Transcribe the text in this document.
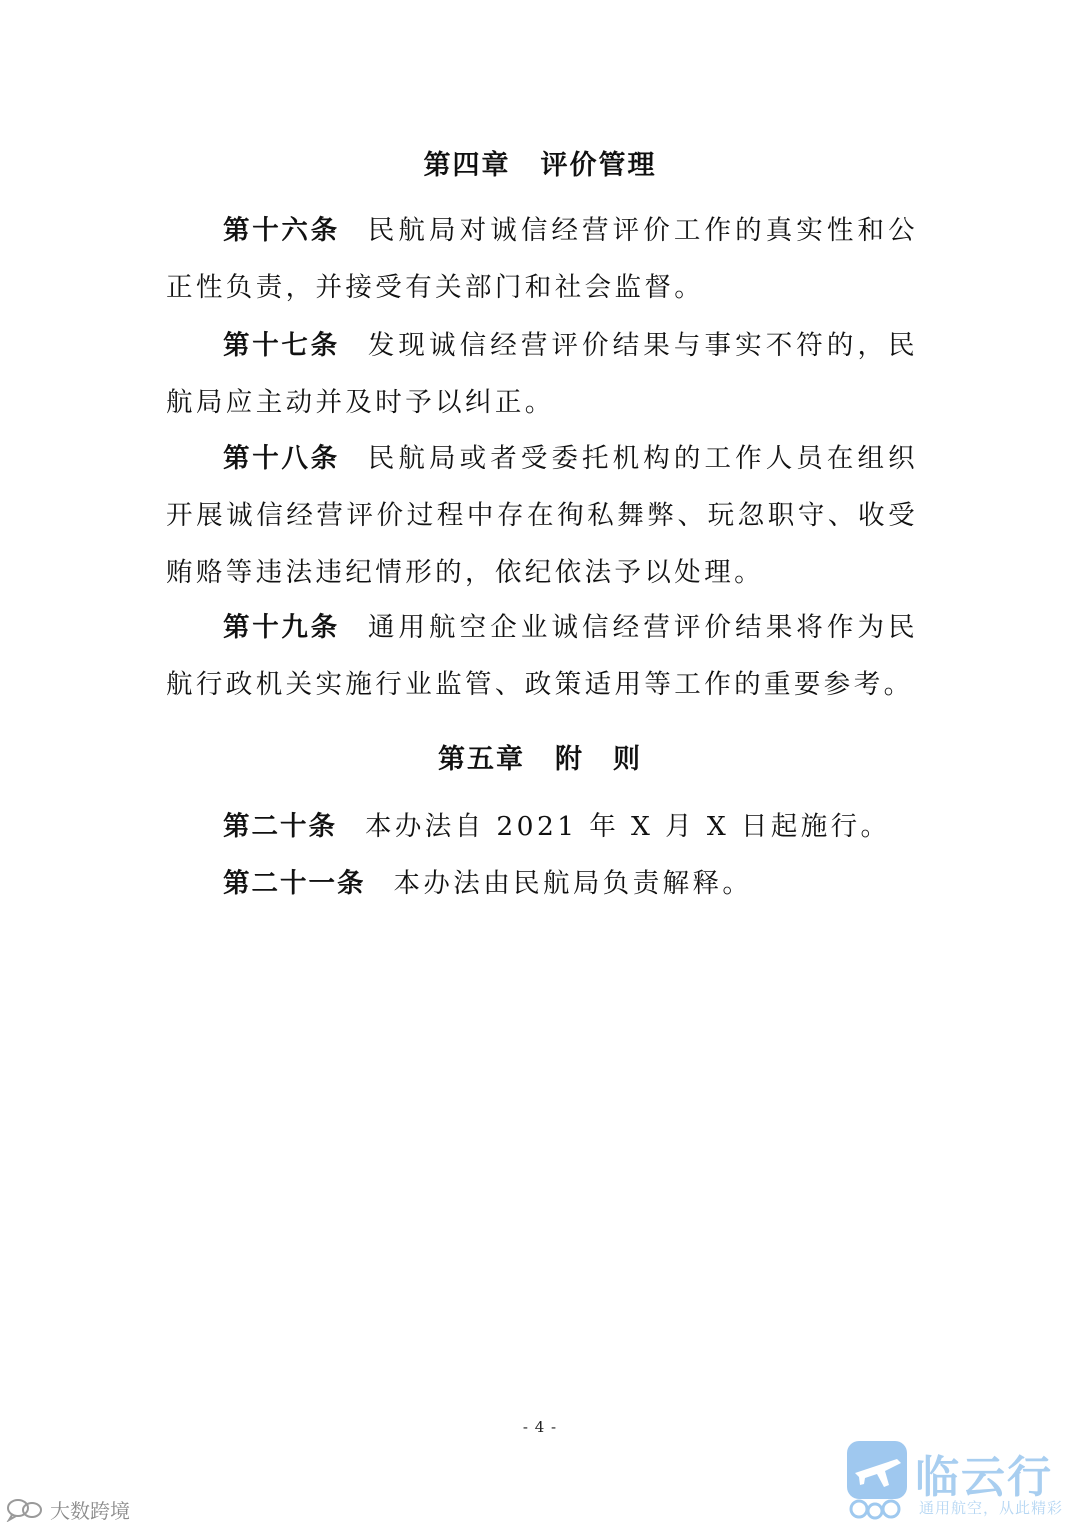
第四章 评价管理
第十六条 民航局对诚信经营评价工作的真实性和公正性负责，并接受有关部门和社会监督。
第十七条 发现诚信经营评价结果与事实不符的，民航局应主动并及时予以纠正。
第十八条 民航局或者受委托机构的工作人员在组织开展诚信经营评价过程中存在徇私舞弊、玩忽职守、收受贿赂等违法违纪情形的，依纪依法予以处理。
第十九条 通用航空企业诚信经营评价结果将作为民航行政机关实施行业监管、政策适用等工作的重要参考。
第五章 附　则
第二十条 本办法自 2021 年 X 月 X 日起施行。
第二十一条 本办法由民航局负责解释。
- 4 -
大数跨境
临云行
通用航空，从此精彩
